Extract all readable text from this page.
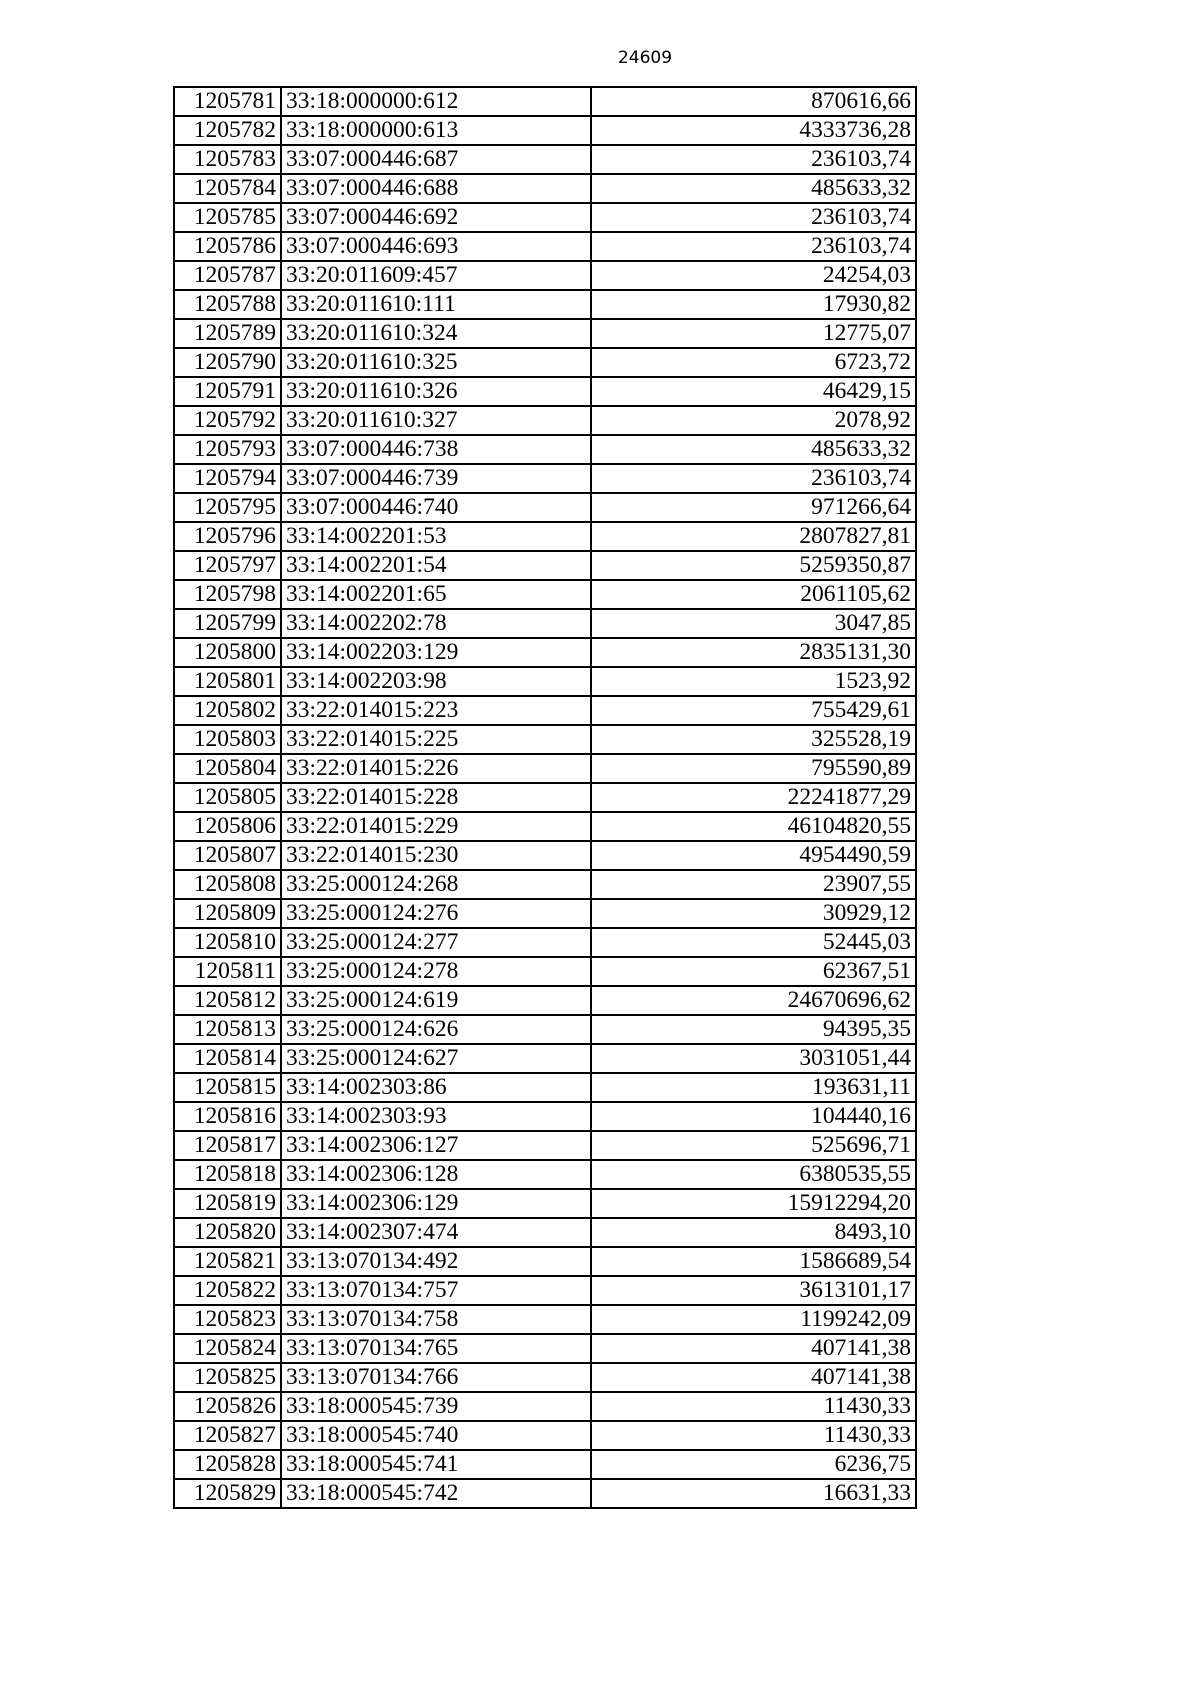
24609
1205781	33:18:000000:612	870616,66
1205782	33:18:000000:613	4333736,28
1205783	33:07:000446:687	236103,74
1205784	33:07:000446:688	485633,32
1205785	33:07:000446:692	236103,74
1205786	33:07:000446:693	236103,74
1205787	33:20:011609:457	24254,03
1205788	33:20:011610:111	17930,82
1205789	33:20:011610:324	12775,07
1205790	33:20:011610:325	6723,72
1205791	33:20:011610:326	46429,15
1205792	33:20:011610:327	2078,92
1205793	33:07:000446:738	485633,32
1205794	33:07:000446:739	236103,74
1205795	33:07:000446:740	971266,64
1205796	33:14:002201:53	2807827,81
1205797	33:14:002201:54	5259350,87
1205798	33:14:002201:65	2061105,62
1205799	33:14:002202:78	3047,85
1205800	33:14:002203:129	2835131,30
1205801	33:14:002203:98	1523,92
1205802	33:22:014015:223	755429,61
1205803	33:22:014015:225	325528,19
1205804	33:22:014015:226	795590,89
1205805	33:22:014015:228	22241877,29
1205806	33:22:014015:229	46104820,55
1205807	33:22:014015:230	4954490,59
1205808	33:25:000124:268	23907,55
1205809	33:25:000124:276	30929,12
1205810	33:25:000124:277	52445,03
1205811	33:25:000124:278	62367,51
1205812	33:25:000124:619	24670696,62
1205813	33:25:000124:626	94395,35
1205814	33:25:000124:627	3031051,44
1205815	33:14:002303:86	193631,11
1205816	33:14:002303:93	104440,16
1205817	33:14:002306:127	525696,71
1205818	33:14:002306:128	6380535,55
1205819	33:14:002306:129	15912294,20
1205820	33:14:002307:474	8493,10
1205821	33:13:070134:492	1586689,54
1205822	33:13:070134:757	3613101,17
1205823	33:13:070134:758	1199242,09
1205824	33:13:070134:765	407141,38
1205825	33:13:070134:766	407141,38
1205826	33:18:000545:739	11430,33
1205827	33:18:000545:740	11430,33
1205828	33:18:000545:741	6236,75
1205829	33:18:000545:742	16631,33
